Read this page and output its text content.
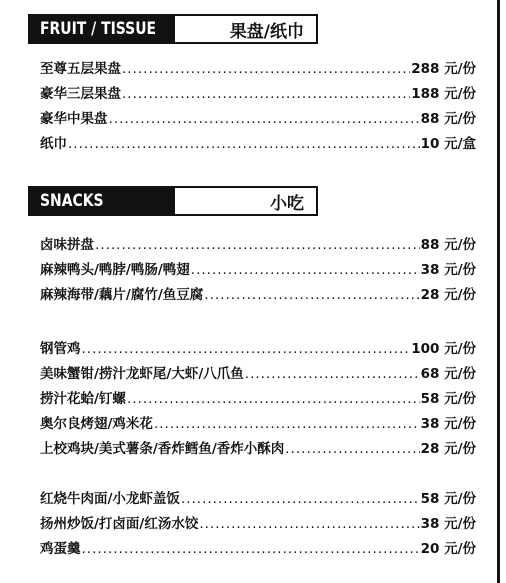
FRUIT / TISSUE	果盘/纸巾
至尊五层果盘 .....	288 元/份
豪华三层果盘 .....	188 元/份
豪华中果盘 .....	88 元/份
纸巾 .....	10 元/盒
SNACKS	小吃
卤味拼盘 .....	88 元/份
麻辣鸭头/鸭脖/鸭肠/鸭翅 .....	38 元/份
麻辣海带/藕片/腐竹/鱼豆腐 .....	28 元/份
钢管鸡 .....	100 元/份
美味蟹钳/捞汁龙虾尾/大虾/八爪鱼 .....	68 元/份
捞汁花蛤/钉螺 .....	58 元/份
奥尔良烤翅/鸡米花 .....	38 元/份
上校鸡块/美式薯条/香炸鳕鱼/香炸小酥肉 .....	28 元/份
红烧牛肉面/小龙虾盖饭 .....	58 元/份
扬州炒饭/打卤面/红汤水饺 .....	38 元/份
鸡蛋羹 .....	20 元/份
